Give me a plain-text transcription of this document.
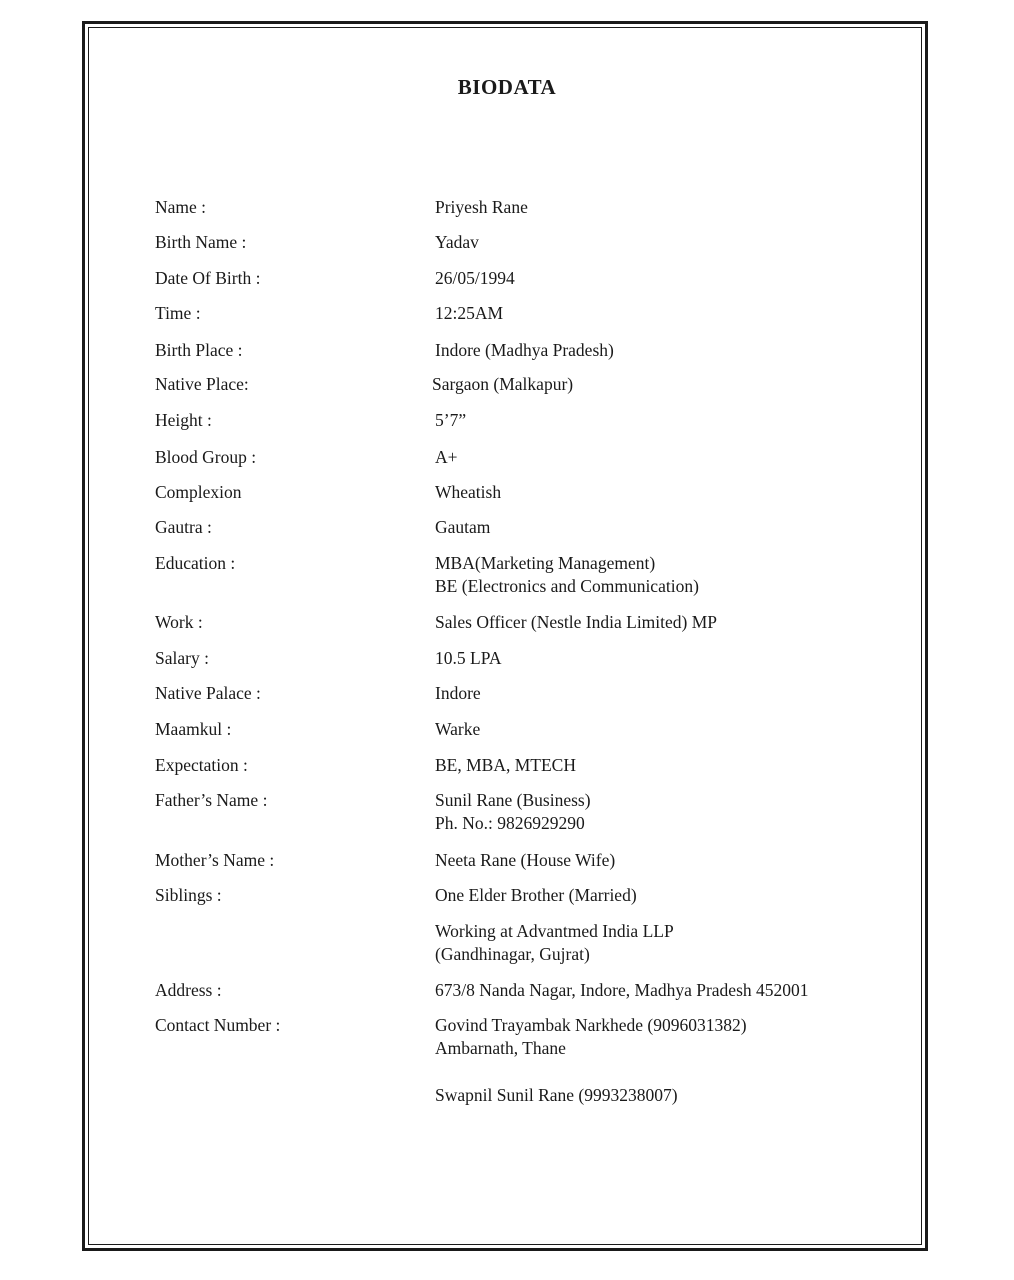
BIODATA
Name :	Priyesh Rane
Birth Name :	Yadav
Date Of Birth :	26/05/1994
Time :	12:25AM
Birth Place :	Indore (Madhya Pradesh)
Native Place:	Sargaon (Malkapur)
Height :	5’7”
Blood Group :	A+
Complexion	Wheatish
Gautra :	Gautam
Education :	MBA(Marketing Management)
BE (Electronics and Communication)
Work :	Sales Officer (Nestle India Limited) MP
Salary :	10.5 LPA
Native Palace :	Indore
Maamkul :	Warke
Expectation :	BE, MBA, MTECH
Father’s Name :	Sunil Rane (Business)
Ph. No.: 9826929290
Mother’s Name :	Neeta Rane (House Wife)
Siblings :	One Elder Brother (Married)
Working at Advantmed India LLP
(Gandhinagar, Gujrat)
Address :	673/8 Nanda Nagar, Indore, Madhya Pradesh 452001
Contact Number :	Govind Trayambak Narkhede (9096031382)
Ambarnath, Thane
Swapnil Sunil Rane (9993238007)
